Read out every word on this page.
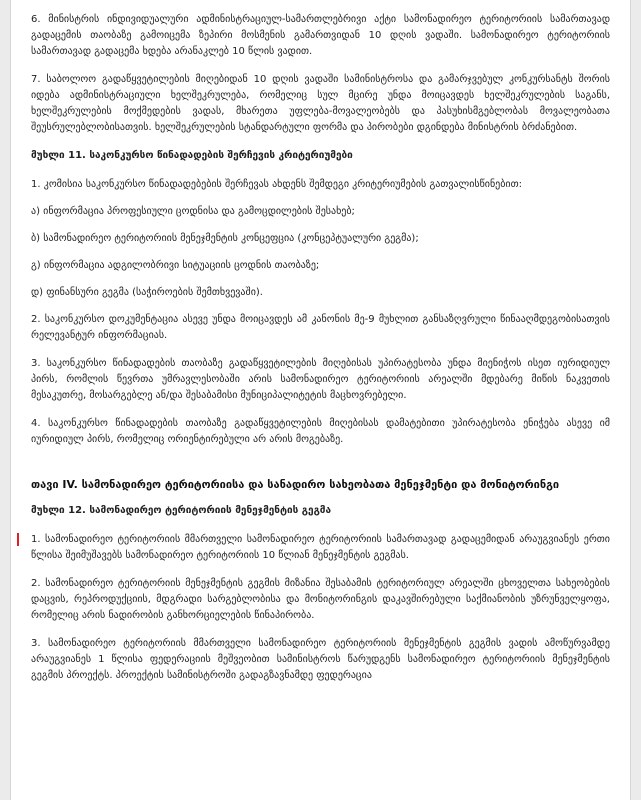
6. მინისტრის ინდივიდუალური ადმინისტრაციულ-სამართლებრივი აქტი სამონადირეო ტერიტორიის სამართავად გადაცემის თაობაზე გამოიცემა ზეპირი მოსმენის გამართვიდან 10 დღის ვადაში. სამონადირეო ტერიტორიის სამართავად გადაცემა ხდება არანაკლებ 10 წლის ვადით.

7. საბოლოო გადაწყვეტილების მიღებიდან 10 დღის ვადაში სამინისტროსა და გამარჯვებულ კონკურსანტს შორის იდება ადმინისტრაციული ხელშეკრულება, რომელიც სულ მცირე უნდა მოიცავდეს ხელშეკრულების საგანს, ხელშეკრულების მოქმედების ვადას, მხარეთა უფლება-მოვალეობებს და პასუხისმგებლობას მოვალეობათა შეუსრულებლობისათვის. ხელშეკრულების სტანდარტული ფორმა და პირობები დგინდება მინისტრის ბრძანებით.

მუხლი 11. საკონკურსო წინადადების შერჩევის კრიტერიუმები

1. კომისია საკონკურსო წინადადებების შერჩევას ახდენს შემდეგი კრიტერიუმების გათვალისწინებით:

ა) ინფორმაცია პროფესიული ცოდნისა და გამოცდილების შესახებ;

ბ) სამონადირეო ტერიტორიის მენეჯმენტის კონცეფცია (კონცეპტუალური გეგმა);

გ) ინფორმაცია ადგილობრივი სიტუაციის ცოდნის თაობაზე;

დ) ფინანსური გეგმა (საჭიროების შემთხვევაში).

2. საკონკურსო დოკუმენტაცია ასევე უნდა მოიცავდეს ამ კანონის მე-9 მუხლით განსაზღვრული წინააღმდეგობისათვის რელევანტურ ინფორმაციას.

3. საკონკურსო წინადადების თაობაზე გადაწყვეტილების მიღებისას უპირატესობა უნდა მიენიჭოს ისეთ იურიდიულ პირს, რომლის წევრთა უმრავლესობაში არის სამონადირეო ტერიტორიის არეალში მდებარე მიწის ნაკვეთის მესაკუთრე, მოსარგებლე ან/და შესაბამისი მუნიციპალიტეტის მაცხოვრებელი.

4. საკონკურსო წინადადების თაობაზე გადაწყვეტილების მიღებისას დამატებითი უპირატესობა ენიჭება ასევე იმ იურიდიულ პირს, რომელიც ორიენტირებული არ არის მოგებაზე.

თავი IV. სამონადირეო ტერიტორიისა და სანადირო სახეობათა მენეჯმენტი და მონიტორინგი

მუხლი 12. სამონადირეო ტერიტორიის მენეჯმენტის გეგმა

1. სამონადირეო ტერიტორიის მმართველი სამონადირეო ტერიტორიის სამართავად გადაცემიდან არაუგვიანეს ერთი წლისა შეიმუშავებს სამონადირეო ტერიტორიის 10 წლიან მენეჯმენტის გეგმას.

2. სამონადირეო ტერიტორიის მენეჯმენტის გეგმის მიზანია შესაბამის ტერიტორიულ არეალში ცხოველთა სახეობების დაცვის, რეპროდუქციის, მდგრადი სარგებლობისა და მონიტორინგის დაკავშირებული საქმიანობის უზრუნველყოფა, რომელიც არის ნადირობის განხორციელების წინაპირობა.

3. სამონადირეო ტერიტორიის მმართველი სამონადირეო ტერიტორიის მენეჯმენტის გეგმის ვადის ამოწურვამდე არაუგვიანეს 1 წლისა ფედერაციის მეშვეობით სამინისტროს წარუდგენს სამონადირეო ტერიტორიის მენეჯმენტის გეგმის პროექტს. პროექტის სამინისტროში გადაგზავნამდე ფედერაცია
